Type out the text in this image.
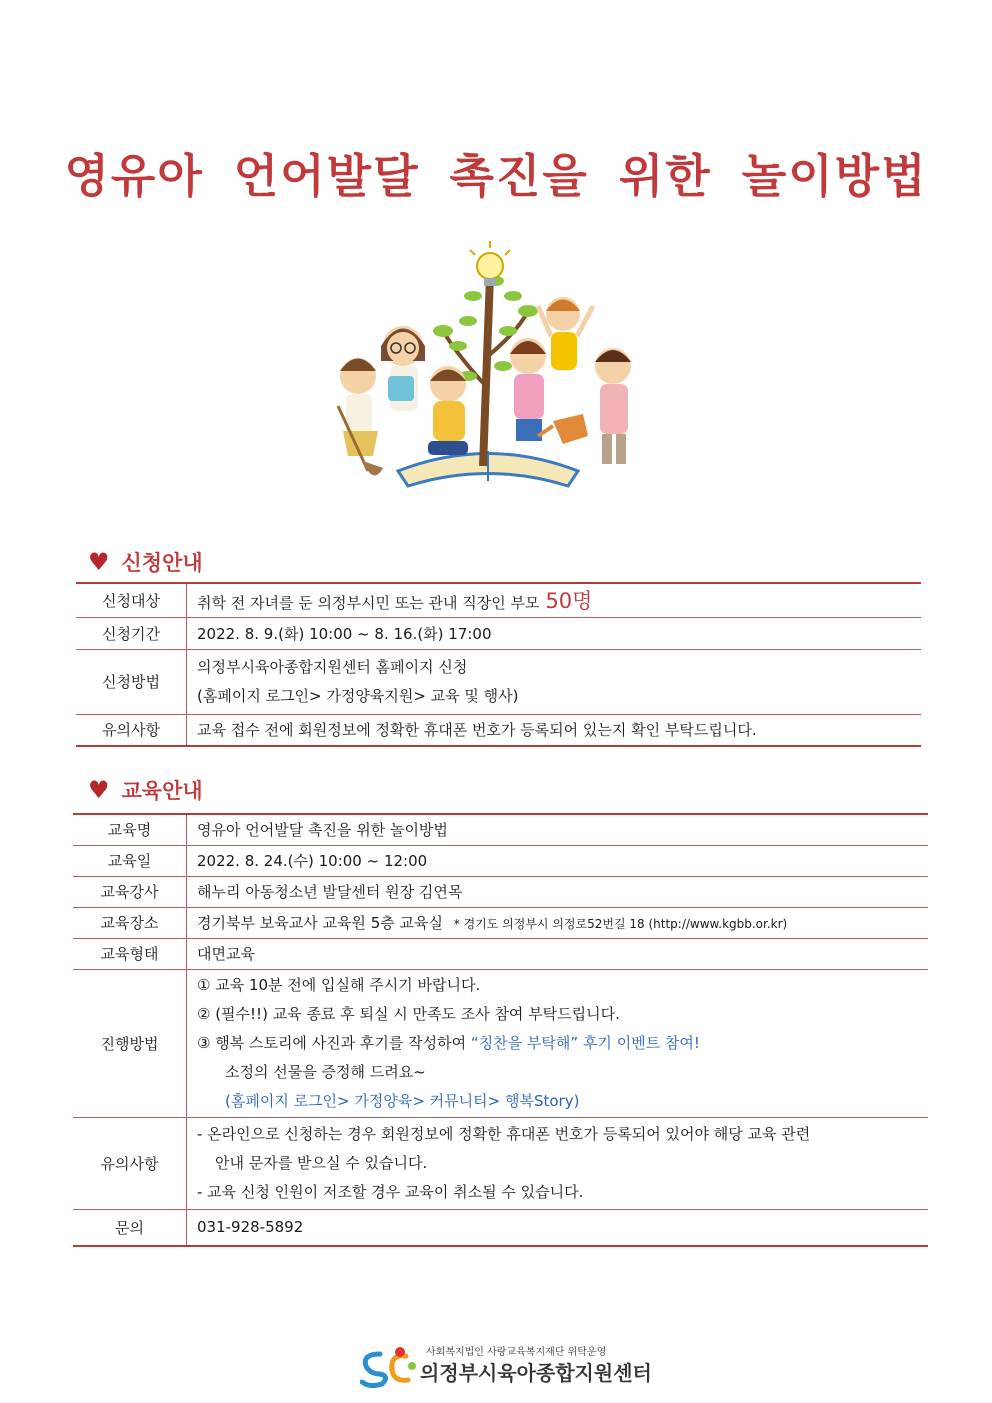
영유아 언어발달 촉진을 위한 놀이방법
♥ 신청안내
신청대상	취학 전 자녀를 둔 의정부시민 또는 관내 직장인 부모 50명
신청기간	2022. 8. 9.(화) 10:00 ~ 8. 16.(화) 17:00
신청방법	의정부시육아종합지원센터 홈페이지 신청
(홈페이지 로그인> 가정양육지원> 교육 및 행사)

유의사항	교육 접수 전에 회원정보에 정확한 휴대폰 번호가 등록되어 있는지 확인 부탁드립니다.
♥ 교육안내
교육명	영유아 언어발달 촉진을 위한 놀이방법
교육일	2022. 8. 24.(수) 10:00 ~ 12:00
교육강사	해누리 아동청소년 발달센터 원장 김연목
교육장소	경기북부 보육교사 교육원 5층 교육실 * 경기도 의정부시 의정로52번길 18 (http://www.kgbb.or.kr)
교육형태	대면교육
진행방법	① 교육 10분 전에 입실해 주시기 바랍니다.
② (필수!!) 교육 종료 후 퇴실 시 만족도 조사 참여 부탁드립니다.
③ 행복 스토리에 사진과 후기를 작성하여 “칭찬을 부탁해” 후기 이벤트 참여!
소정의 선물을 증정해 드려요~
(홈페이지 로그인> 가정양육> 커뮤니티> 행복Story)

유의사항	- 온라인으로 신청하는 경우 회원정보에 정확한 휴대폰 번호가 등록되어 있어야 해당 교육 관련
안내 문자를 받으실 수 있습니다.
- 교육 신청 인원이 저조할 경우 교육이 취소될 수 있습니다.

문의	031-928-5892
사회복지법인 사랑교육복지재단 위탁운영
의정부시육아종합지원센터
